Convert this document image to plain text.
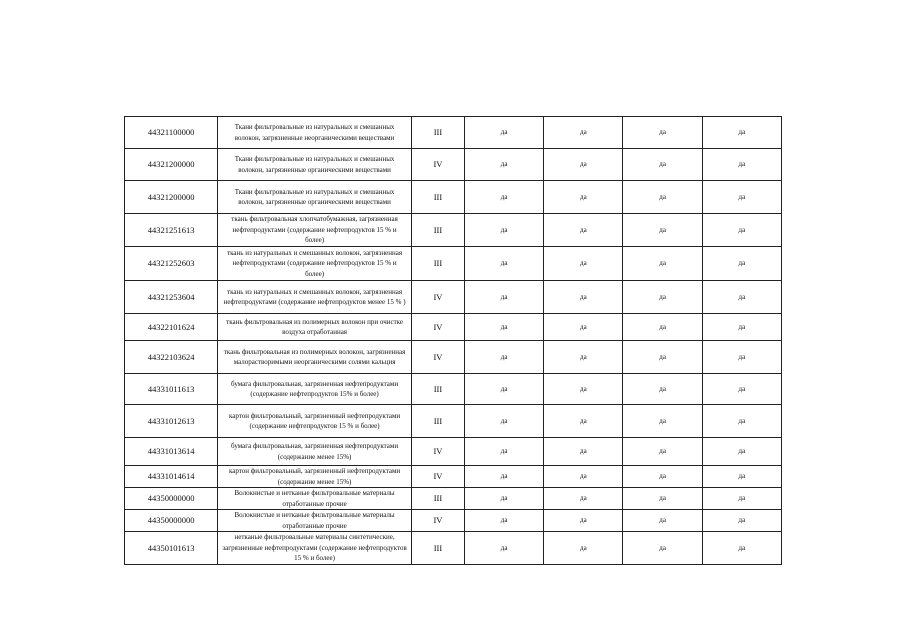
44321100000	Ткани фильтровальные из натуральных и смешанных волокон, загрязненные неорганическими веществами	III	да	да	да	да
44321200000	Ткани фильтровальные из натуральных и смешанных волокон, загрязненные органическими веществами	IV	да	да	да	да
44321200000	Ткани фильтровальные из натуральных и смешанных волокон, загрязненные органическими веществами	III	да	да	да	да
44321251613	ткань фильтровальная хлопчатобумажная, загрязненная нефтепродуктами (содержание нефтепродуктов 15 % и более)	III	да	да	да	да
44321252603	ткань из натуральных и смешанных волокон, загрязненная нефтепродуктами (содержание нефтепродуктов 15 % и более)	III	да	да	да	да
44321253604	ткань из натуральных и смешанных волокон, загрязненная нефтепродуктами (содержание нефтепродуктов менее 15 % )	IV	да	да	да	да
44322101624	ткань фильтровальная из полимерных волокон при очистке воздуха отработанная	IV	да	да	да	да
44322103624	ткань фильтровальная из полимерных волокон, загрязненная малорастворимыми неорганическими солями кальция	IV	да	да	да	да
44331011613	бумага фильтровальная, загрязненная нефтепродуктами (содержание нефтепродуктов 15% и более)	III	да	да	да	да
44331012613	картон фильтровальный, загрязненный нефтепродуктами (содержание нефтепродуктов 15 % и более)	III	да	да	да	да
44331013614	бумага фильтровальная, загрязненная нефтепродуктами (содержание менее 15%)	IV	да	да	да	да
44331014614	картон фильтровальный, загрязненный нефтепродуктами (содержание менее 15%)	IV	да	да	да	да
44350000000	Волокнистые и нетканые фильтровальные материалы отработанные прочие	III	да	да	да	да
44350000000	Волокнистые и нетканые фильтровальные материалы отработанные прочие	IV	да	да	да	да
44350101613	нетканые фильтровальные материалы синтетические, загрязненные нефтепродуктами (содержание нефтепродуктов 15 % и более)	III	да	да	да	да
